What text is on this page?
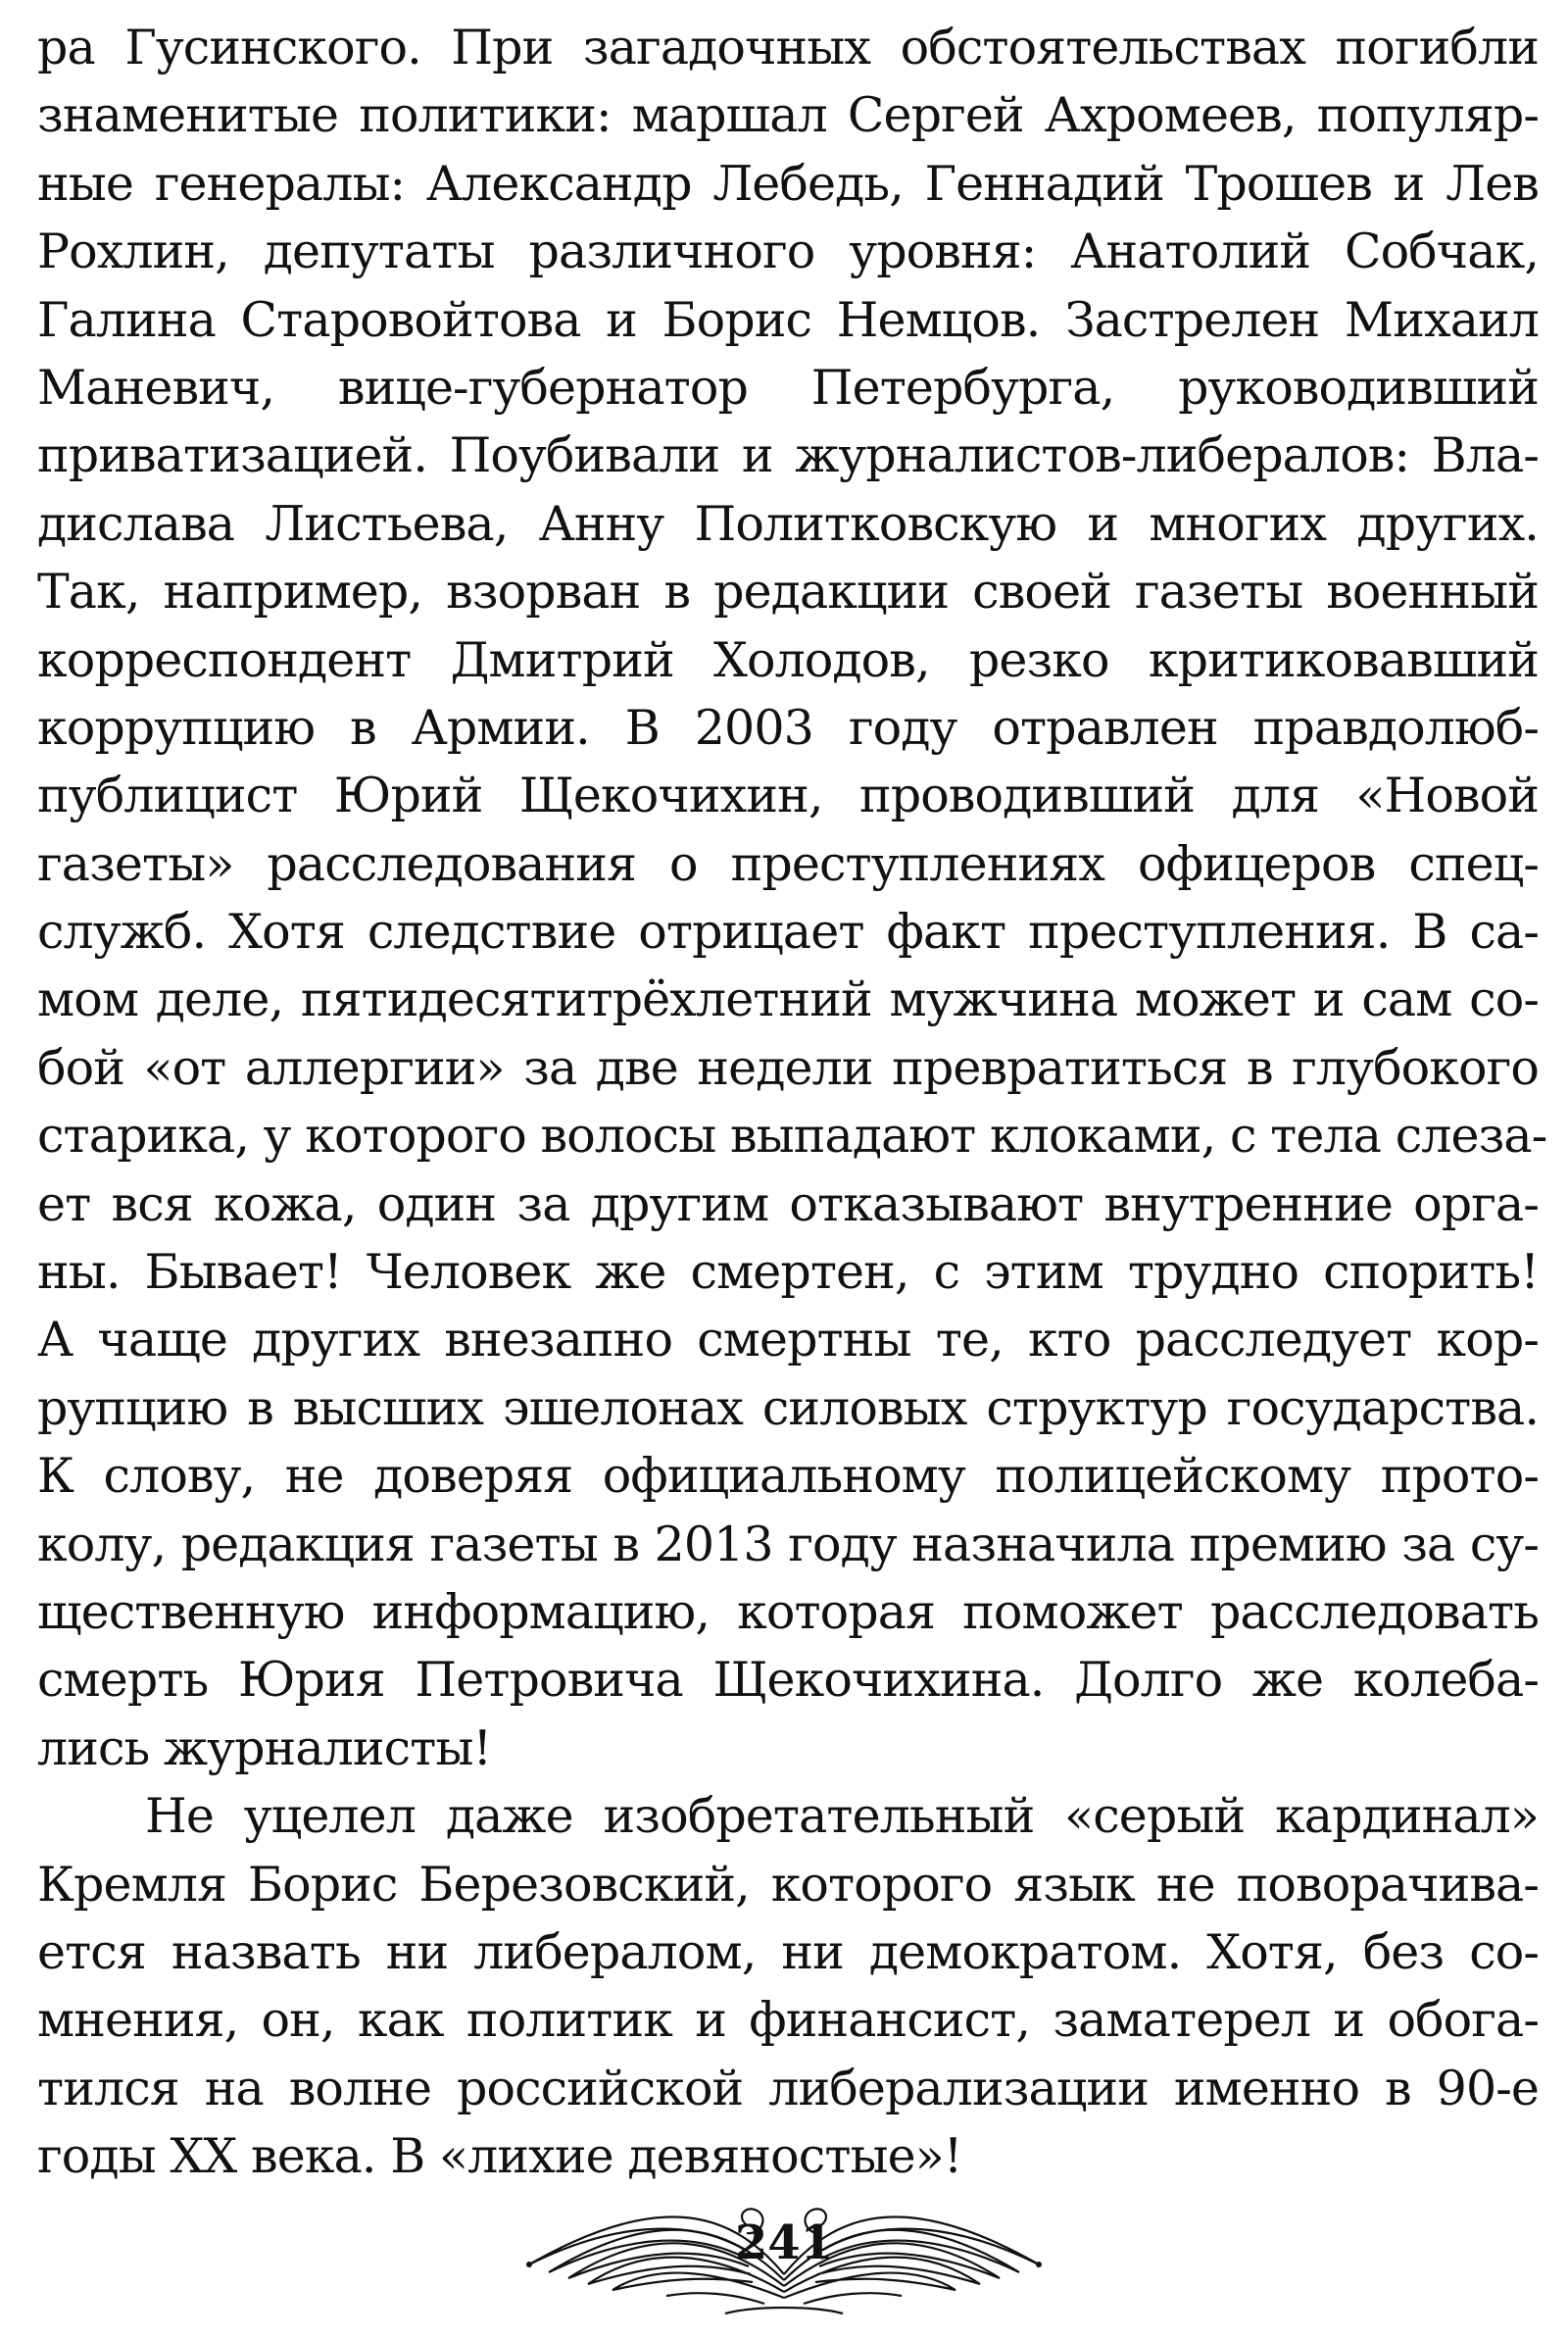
ра Гусинского. При загадочных обстоятельствах погибли
знаменитые политики: маршал Сергей Ахромеев, популяр-
ные генералы: Александр Лебедь, Геннадий Трошев и Лев
Рохлин, депутаты различного уровня: Анатолий Собчак,
Галина Старовойтова и Борис Немцов. Застрелен Михаил
Маневич, вице-губернатор Петербурга, руководивший
приватизацией. Поубивали и журналистов-либералов: Вла-
дислава Листьева, Анну Политковскую и многих других.
Так, например, взорван в редакции своей газеты военный
корреспондент Дмитрий Холодов, резко критиковавший
коррупцию в Армии. В 2003 году отравлен правдолюб-
публицист Юрий Щекочихин, проводивший для «Новой
газеты» расследования о преступлениях офицеров спец-
служб. Хотя следствие отрицает факт преступления. В са-
мом деле, пятидесятитрёхлетний мужчина может и сам со-
бой «от аллергии» за две недели превратиться в глубокого
старика, у которого волосы выпадают клоками, с тела слеза-
ет вся кожа, один за другим отказывают внутренние орга-
ны. Бывает! Человек же смертен, с этим трудно спорить!
А чаще других внезапно смертны те, кто расследует кор-
рупцию в высших эшелонах силовых структур государства.
К слову, не доверяя официальному полицейскому прото-
колу, редакция газеты в 2013 году назначила премию за су-
щественную информацию, которая поможет расследовать
смерть Юрия Петровича Щекочихина. Долго же колеба-
лись журналисты!
Не уцелел даже изобретательный «серый кардинал»
Кремля Борис Березовский, которого язык не поворачива-
ется назвать ни либералом, ни демократом. Хотя, без со-
мнения, он, как политик и финансист, заматерел и обога-
тился на волне российской либерализации именно в 90-е
годы XX века. В «лихие девяностые»!
241
